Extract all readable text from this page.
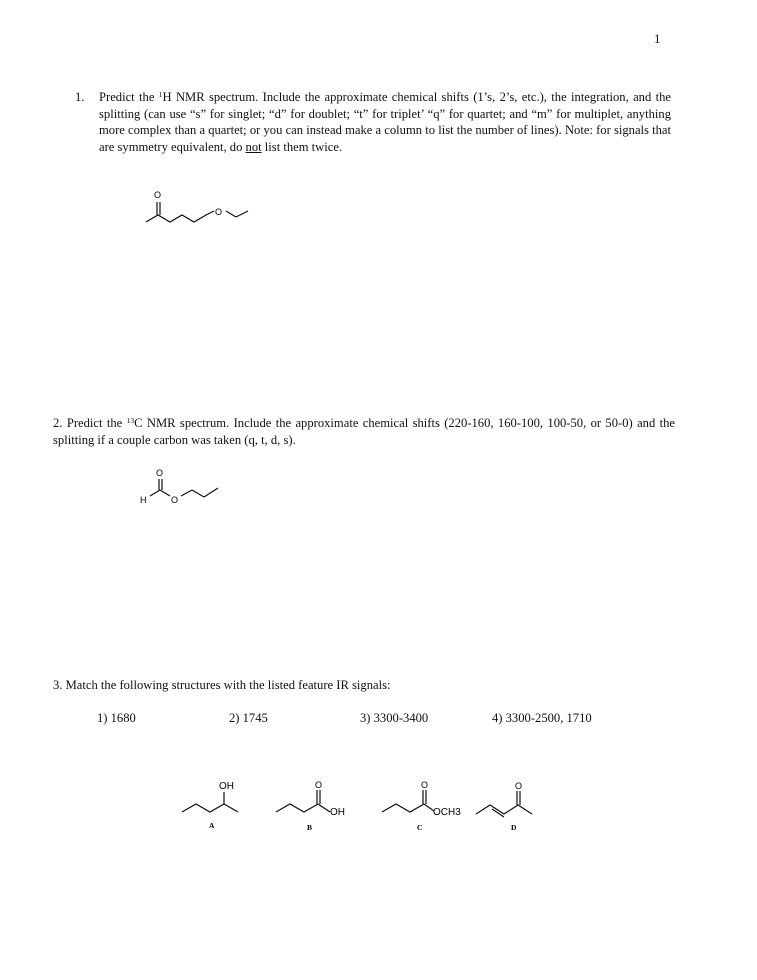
1
1.	Predict the $^1$H NMR spectrum. Include the approximate chemical shifts (1’s, 2’s, etc.), the integration, and the splitting (can use “s” for singlet; “d” for doublet; “t” for triplet’ “q” for quartet; and “m” for multiplet, anything more complex than a quartet; or you can instead make a column to list the number of lines). Note: for signals that are symmetry equivalent, do not list them twice.
O
O
2. Predict the $^{13}$C NMR spectrum. Include the approximate chemical shifts (220-160, 160-100, 100-50, or 50-0) and the splitting if a couple carbon was taken (q, t, d, s).
H
O
O
3. Match the following structures with the listed feature IR signals:
1) 1680	2) 1745	3) 3300-3400	4) 3300-2500, 1710
OH	O
OH
O
OCH3
O
A	B	C	D
